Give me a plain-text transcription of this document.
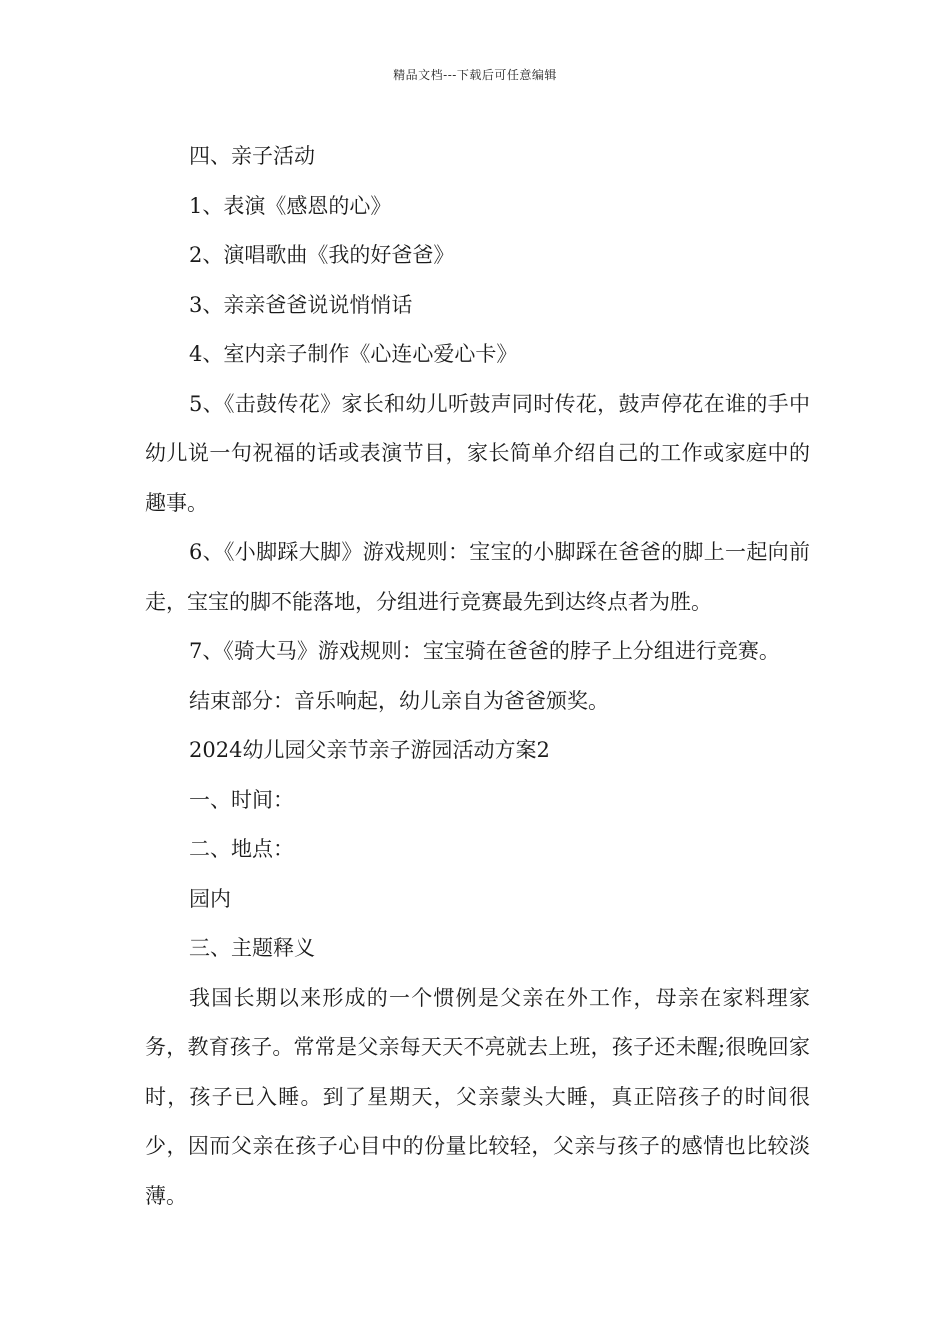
精品文档---下载后可任意编辑
四、亲子活动
1、表演《感恩的心》
2、演唱歌曲《我的好爸爸》
3、亲亲爸爸说说悄悄话
4、室内亲子制作《心连心爱心卡》
5、《击鼓传花》家长和幼儿听鼓声同时传花，鼓声停花在谁的手中幼儿说一句祝福的话或表演节目，家长简单介绍自己的工作或家庭中的趣事。
6、《小脚踩大脚》游戏规则：宝宝的小脚踩在爸爸的脚上一起向前走，宝宝的脚不能落地，分组进行竞赛最先到达终点者为胜。
7、《骑大马》游戏规则：宝宝骑在爸爸的脖子上分组进行竞赛。
结束部分：音乐响起，幼儿亲自为爸爸颁奖。
2024幼儿园父亲节亲子游园活动方案2
一、时间：
二、地点：
园内
三、主题释义
我国长期以来形成的一个惯例是父亲在外工作，母亲在家料理家务，教育孩子。常常是父亲每天天不亮就去上班，孩子还未醒;很晚回家时，孩子已入睡。到了星期天，父亲蒙头大睡，真正陪孩子的时间很少，因而父亲在孩子心目中的份量比较轻，父亲与孩子的感情也比较淡薄。
